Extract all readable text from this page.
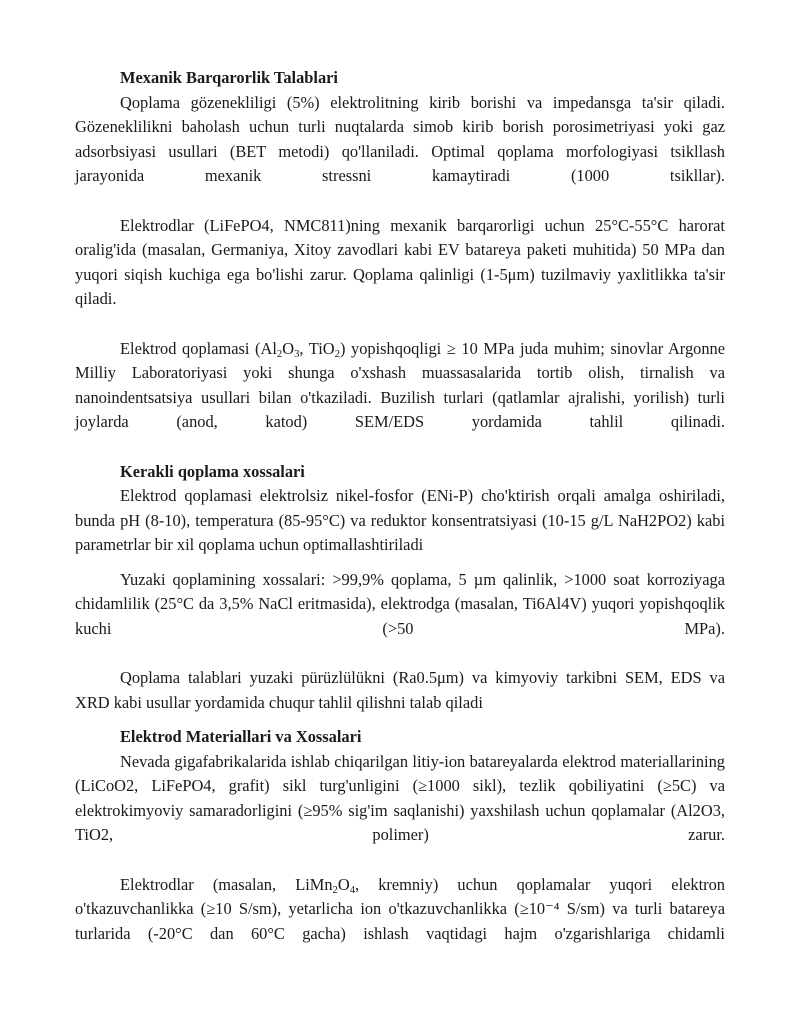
Mexanik Barqarorlik Talablari

Qoplama gözenekliligi (5%) elektrolitning kirib borishi va impedansga ta'sir qiladi. Gözeneklilikni baholash uchun turli nuqtalarda simob kirib borish porosimetriyasi yoki gaz adsorbsiyasi usullari (BET metodi) qo'llaniladi. Optimal qoplama morfologiyasi tsikllash jarayonida mexanik stressni kamaytiradi (1000 tsikllar).

Elektrodlar (LiFePO4, NMC811)ning mexanik barqarorligi uchun 25°C-55°C harorat oralig'ida (masalan, Germaniya, Xitoy zavodlari kabi EV batareya paketi muhitida) 50 MPa dan yuqori siqish kuchiga ega bo'lishi zarur. Qoplama qalinligi (1-5μm) tuzilmaviy yaxlitlikka ta'sir qiladi.

Elektrod qoplamasi ($Al_2O_3$, TiO$_2$) yopishqoqligi ≥ 10 MPa juda muhim; sinovlar Argonne Milliy Laboratoriyasi yoki shunga o'xshash muassasalarida tortib olish, tirnalish va nanoindentsatsiya usullari bilan o'tkaziladi. Buzilish turlari (qatlamlar ajralishi, yorilish) turli joylarda (anod, katod) SEM/EDS yordamida tahlil qilinadi.

Kerakli qoplama xossalari

Elektrod qoplamasi elektrolsiz nikel-fosfor (ENi-P) cho'ktirish orqali amalga oshiriladi, bunda pH (8-10), temperatura (85-95°C) va reduktor konsentratsiyasi (10-15 g/L NaH2PO2) kabi parametrlar bir xil qoplama uchun optimallashtiriladi

Yuzaki qoplamining xossalari: >99,9% qoplama, 5 µm qalinlik, >1000 soat korroziyaga chidamlilik (25°C da 3,5% NaCl eritmasida), elektrodga (masalan, Ti6Al4V) yuqori yopishqoqlik kuchi (>50 MPa).

Qoplama talablari yuzaki pürüzlülükni (Ra0.5μm) va kimyoviy tarkibni SEM, EDS va XRD kabi usullar yordamida chuqur tahlil qilishni talab qiladi

Elektrod Materiallari va Xossalari

Nevada gigafabrikalarida ishlab chiqarilgan litiy-ion batareyalarda elektrod materiallarining (LiCoO2, LiFePO4, grafit) sikl turg'unligini (≥1000 sikl), tezlik qobiliyatini (≥5C) va elektrokimyoviy samaradorligini (≥95% sig'im saqlanishi) yaxshilash uchun qoplamalar (Al2O3, TiO2, polimer) zarur.

Elektrodlar (masalan, $LiMn_2O_4$, kremniy) uchun qoplamalar yuqori elektron o'tkazuvchanlikka (≥10 S/sm), yetarlicha ion o'tkazuvchanlikka (≥10⁻⁴ S/sm) va turli batareya turlarida (-20°C dan 60°C gacha) ishlash vaqtidagi hajm o'zgarishlariga chidamli
